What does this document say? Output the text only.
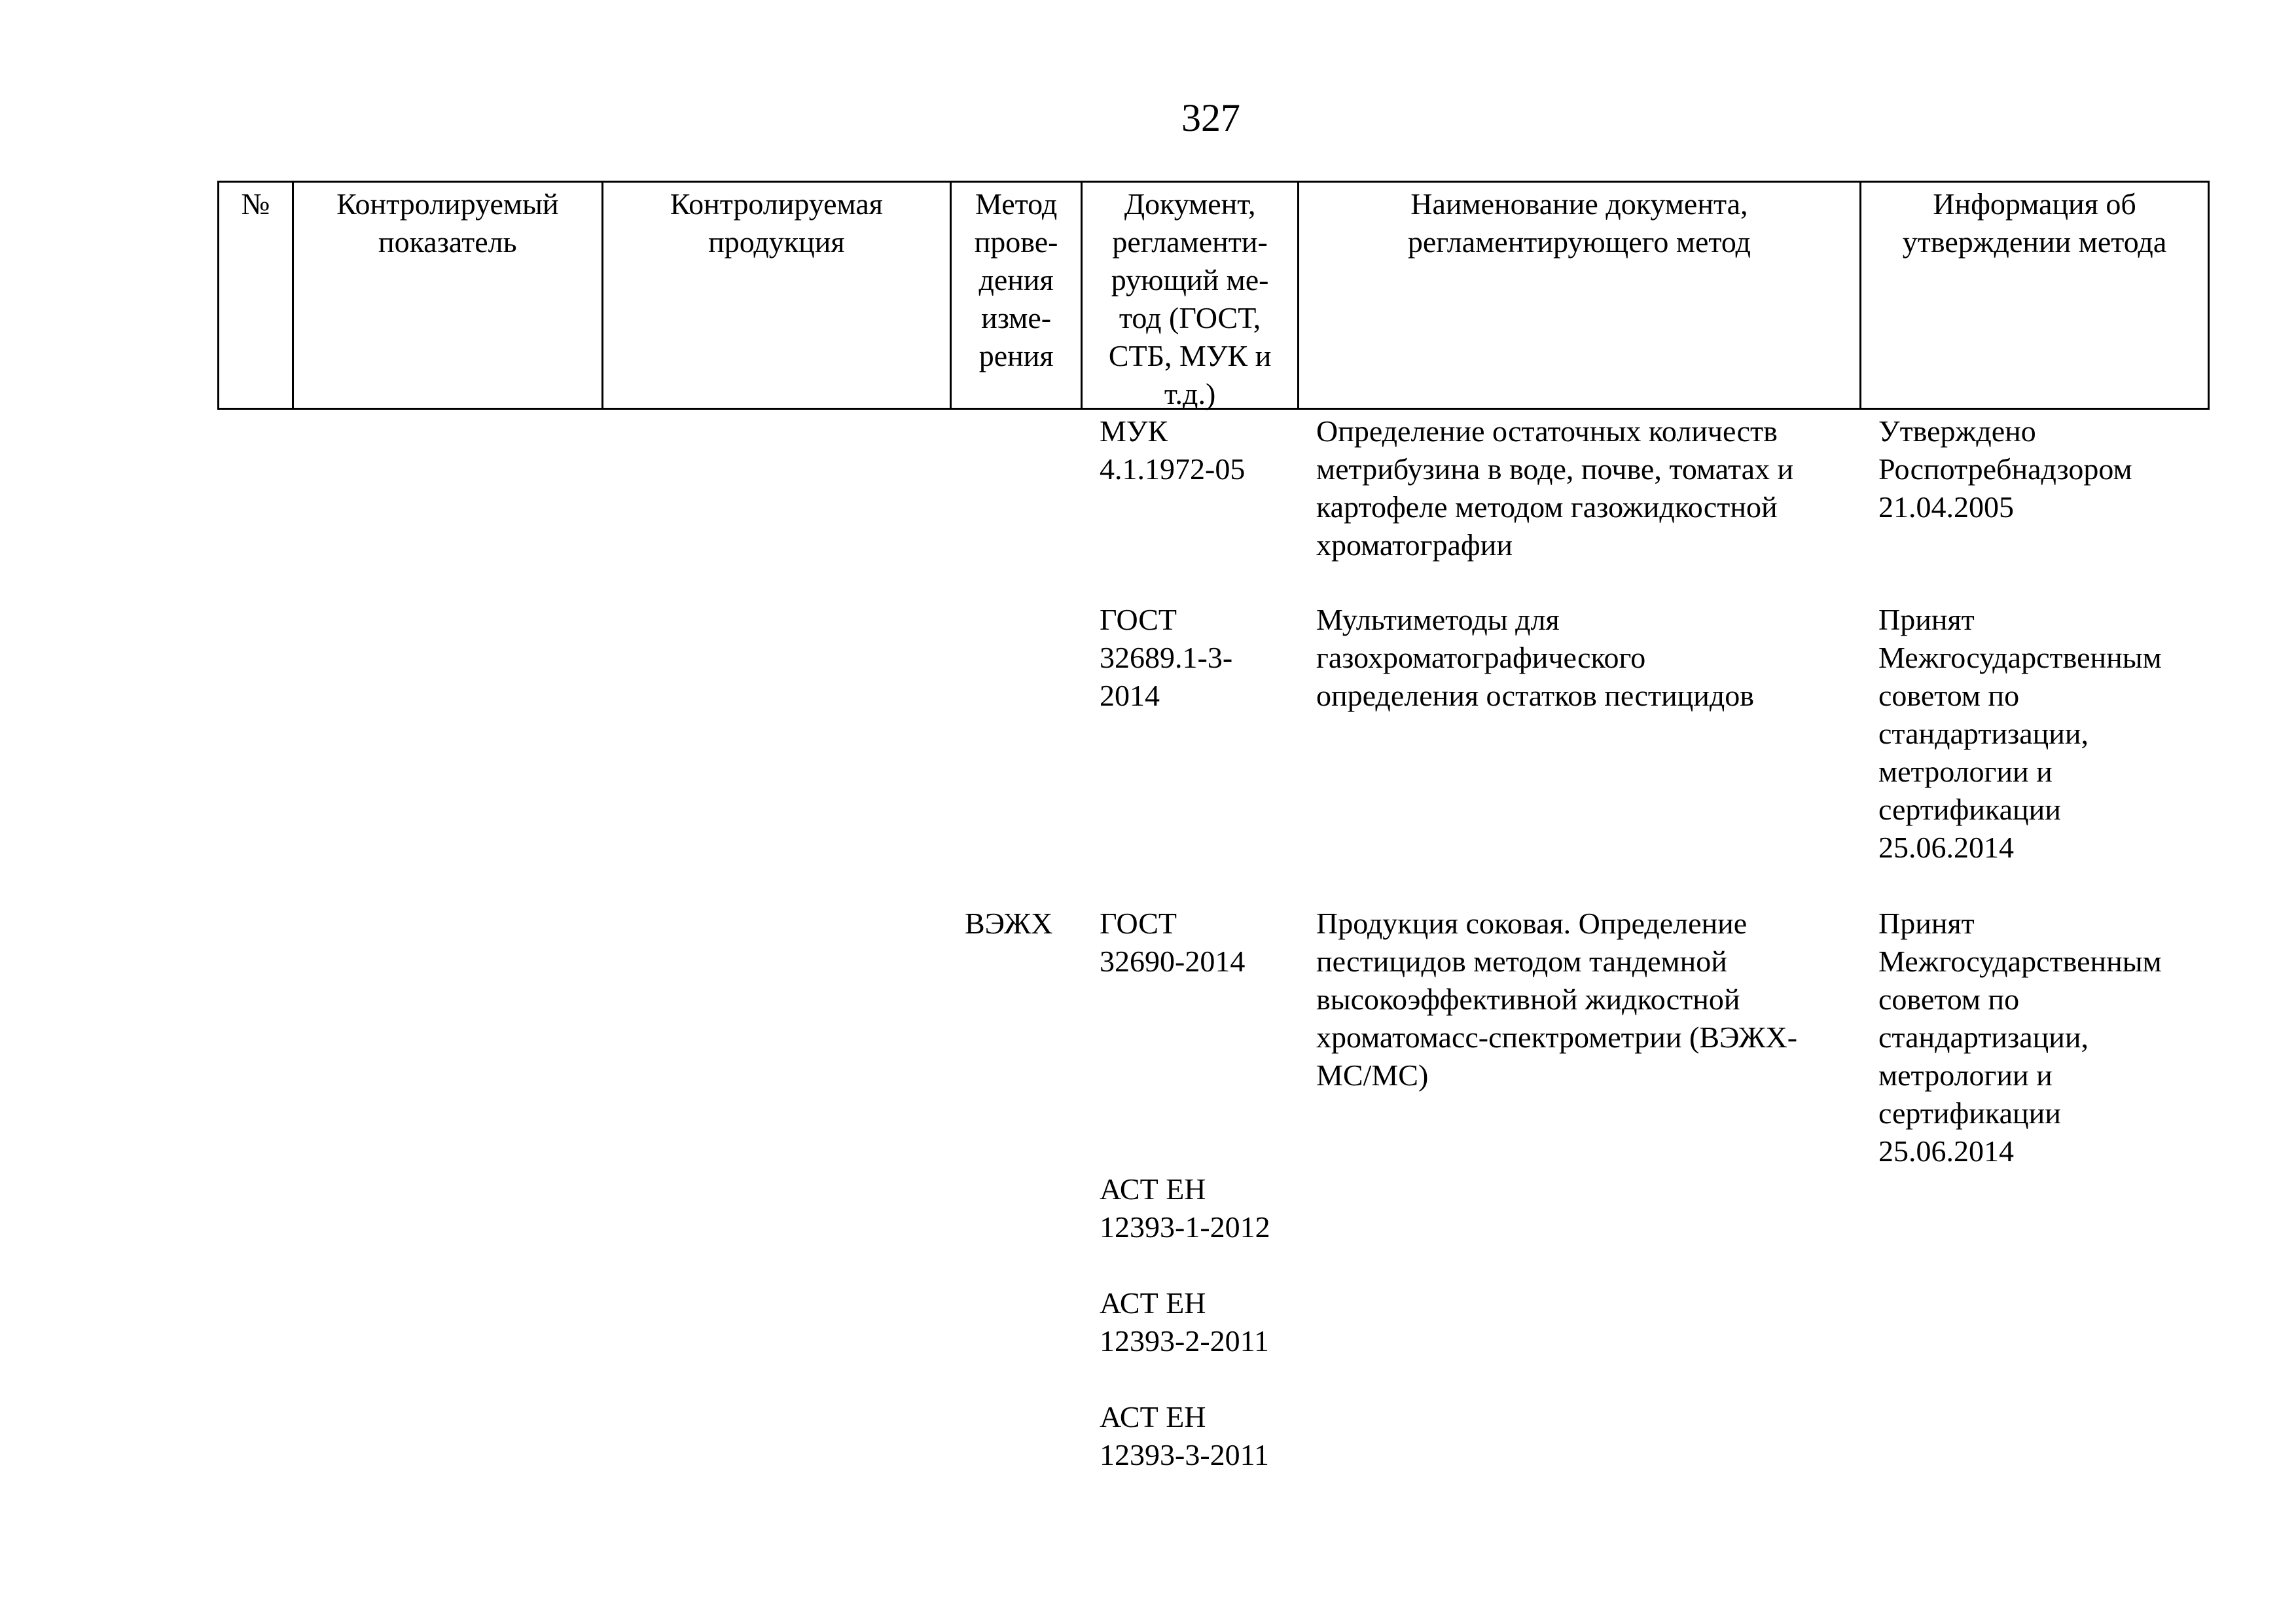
327
№	Контролируемый
показатель
Контролируемая
продукция
Метод
прове-
дения
изме-
рения
Документ,
регламенти-
рующий ме-
тод (ГОСТ,
СТБ, МУК и
т.д.)
Наименование документа,
регламентирующего метод
Информация об
утверждении метода
МУК
4.1.1972-05
Определение остаточных количеств
метрибузина в воде, почве, томатах и
картофеле методом газожидкостной
хроматографии
Утверждено
Роспотребнадзором
21.04.2005
ГОСТ
32689.1-3-
2014
Мультиметоды для
газохроматографического
определения остатков пестицидов
Принят
Межгосударственным
советом по
стандартизации,
метрологии и
сертификации
25.06.2014
ВЭЖХ ГОСТ
32690-2014
Продукция соковая. Определение
пестицидов методом тандемной
высокоэффективной жидкостной
хроматомасс-спектрометрии (ВЭЖХ-
МС/МС)
Принят
Межгосударственным
советом по
стандартизации,
метрологии и
сертификации
25.06.2014
АСТ ЕН
12393-1-2012
АСТ ЕН
12393-2-2011
АСТ ЕН
12393-3-2011
